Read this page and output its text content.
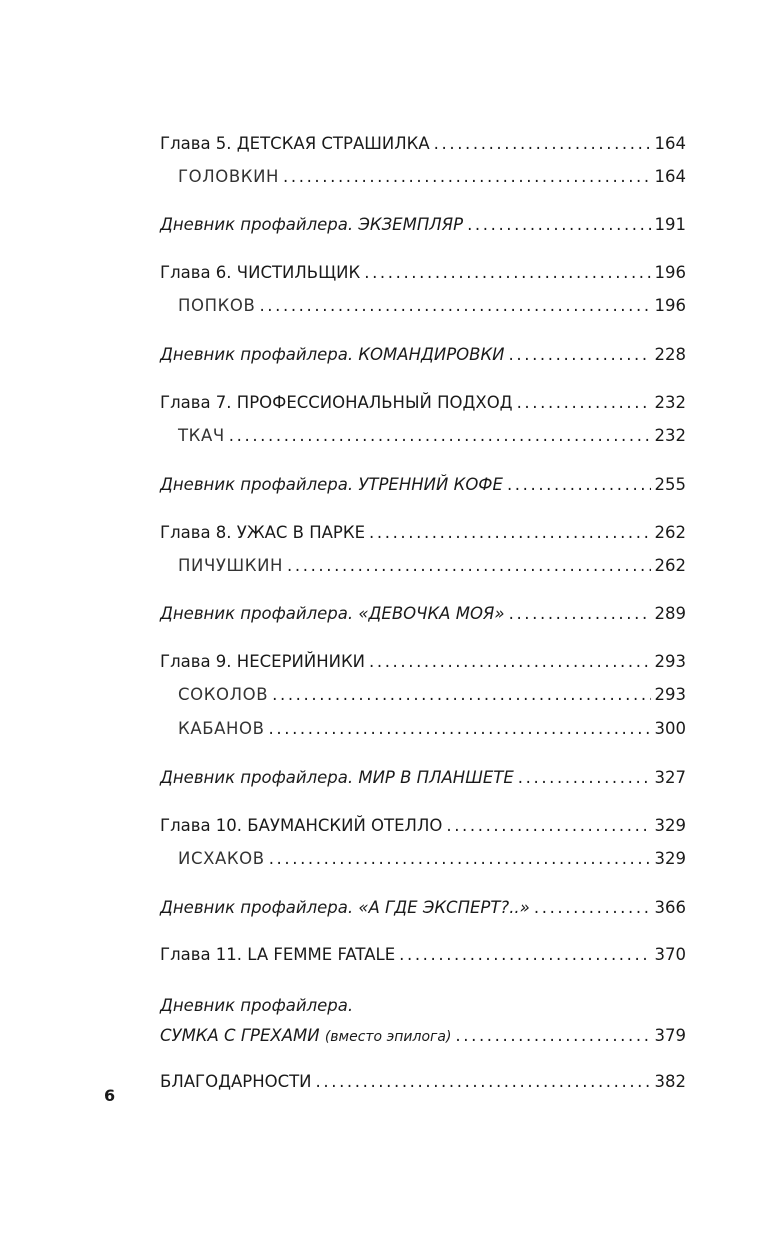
Глава 5. ДЕТСКАЯ СТРАШИЛКА .....	164
ГОЛОВКИН .....	164
Дневник профайлера. ЭКЗЕМПЛЯР .....	191
Глава 6. ЧИСТИЛЬЩИК .....	196
ПОПКОВ .....	196
Дневник профайлера. КОМАНДИРОВКИ .....	228
Глава 7. ПРОФЕССИОНАЛЬНЫЙ ПОДХОД .....	232
ТКАЧ .....	232
Дневник профайлера. УТРЕННИЙ КОФЕ .....	255
Глава 8. УЖАС В ПАРКЕ .....	262
ПИЧУШКИН .....	262
Дневник профайлера. «ДЕВОЧКА МОЯ» .....	289
Глава 9. НЕСЕРИЙНИКИ .....	293
СОКОЛОВ .....	293
КАБАНОВ .....	300
Дневник профайлера. МИР В ПЛАНШЕТЕ .....	327
Глава 10. БАУМАНСКИЙ ОТЕЛЛО .....	329
ИСХАКОВ .....	329
Дневник профайлера. «А ГДЕ ЭКСПЕРТ?..» .....	366
Глава 11. LA FEMME FATALE .....	370
Дневник профайлера.
СУМКА С ГРЕХАМИ (вместо эпилога) .....	379
БЛАГОДАРНОСТИ .....	382
6
